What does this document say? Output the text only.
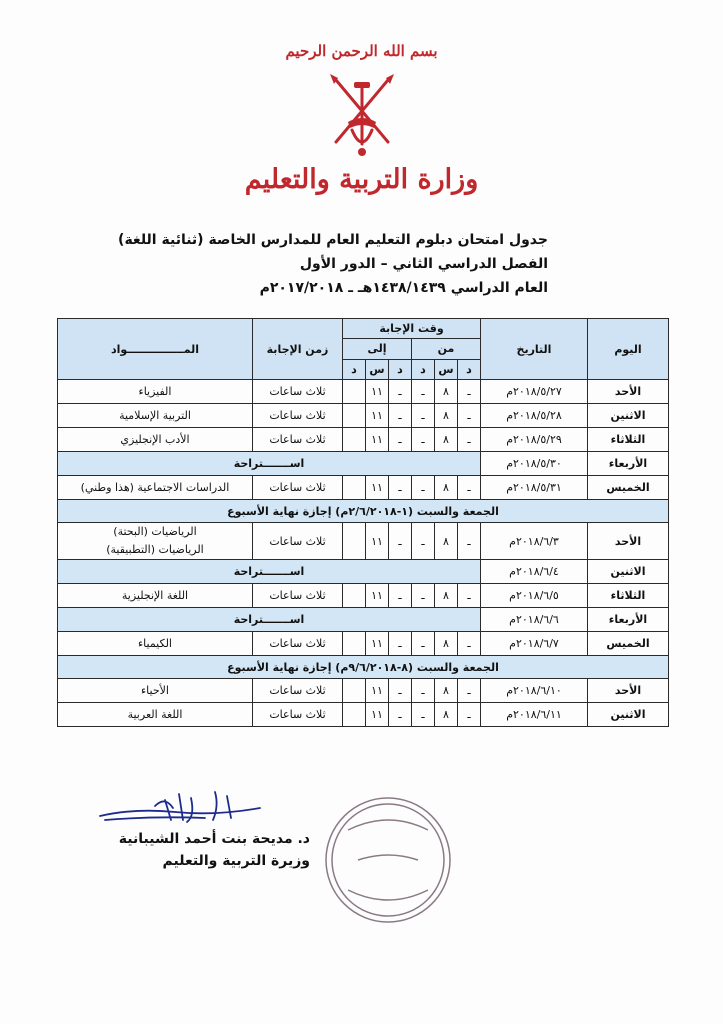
بسم الله الرحمن الرحيم
وزارة التربية والتعليم
جدول امتحان دبلوم التعليم العام للمدارس الخاصة (ثنائية اللغة)
الفصل الدراسي الثاني – الدور الأول
العام الدراسي ١٤٣٨/١٤٣٩هـ ـ ٢٠١٧/٢٠١٨م
اليوم	التاريخ	وقت الإجابة						زمن الإجابة	المـــــــــــــــواد
		من			إلى				
		د	س	د	د	س	د		
الأحد	٢٠١٨/٥/٢٧م	ـ	٨	ـ	ـ	١١		ثلاث ساعات	الفيزياء
الاثنين	٢٠١٨/٥/٢٨م	ـ	٨	ـ	ـ	١١		ثلاث ساعات	التربية الإسلامية
الثلاثاء	٢٠١٨/٥/٢٩م	ـ	٨	ـ	ـ	١١		ثلاث ساعات	الأدب الإنجليزي
الأربعاء	٢٠١٨/٥/٣٠م	اســـــــتراحة							
الخميس	٢٠١٨/٥/٣١م	ـ	٨	ـ	ـ	١١		ثلاث ساعات	الدراسات الاجتماعية (هذا وطني)
الجمعة والسبت (١-٢/٦/٢٠١٨م) إجازة نهاية الأسبوع									
الأحد	٢٠١٨/٦/٣م	ـ	٨	ـ	ـ	١١		ثلاث ساعات	الرياضيات (البحتة)
الرياضيات (التطبيقية)

الاثنين	٢٠١٨/٦/٤م	اســـــــتراحة							
الثلاثاء	٢٠١٨/٦/٥م	ـ	٨	ـ	ـ	١١		ثلاث ساعات	اللغة الإنجليزية
الأربعاء	٢٠١٨/٦/٦م	اســـــــتراحة							
الخميس	٢٠١٨/٦/٧م	ـ	٨	ـ	ـ	١١		ثلاث ساعات	الكيمياء
الجمعة والسبت (٨-٩/٦/٢٠١٨م) إجازة نهاية الأسبوع									
الأحد	٢٠١٨/٦/١٠م	ـ	٨	ـ	ـ	١١		ثلاث ساعات	الأحياء
الاثنين	٢٠١٨/٦/١١م	ـ	٨	ـ	ـ	١١		ثلاث ساعات	اللغة العربية
د. مديحة بنت أحمد الشيبانية
وزيرة التربية والتعليم
